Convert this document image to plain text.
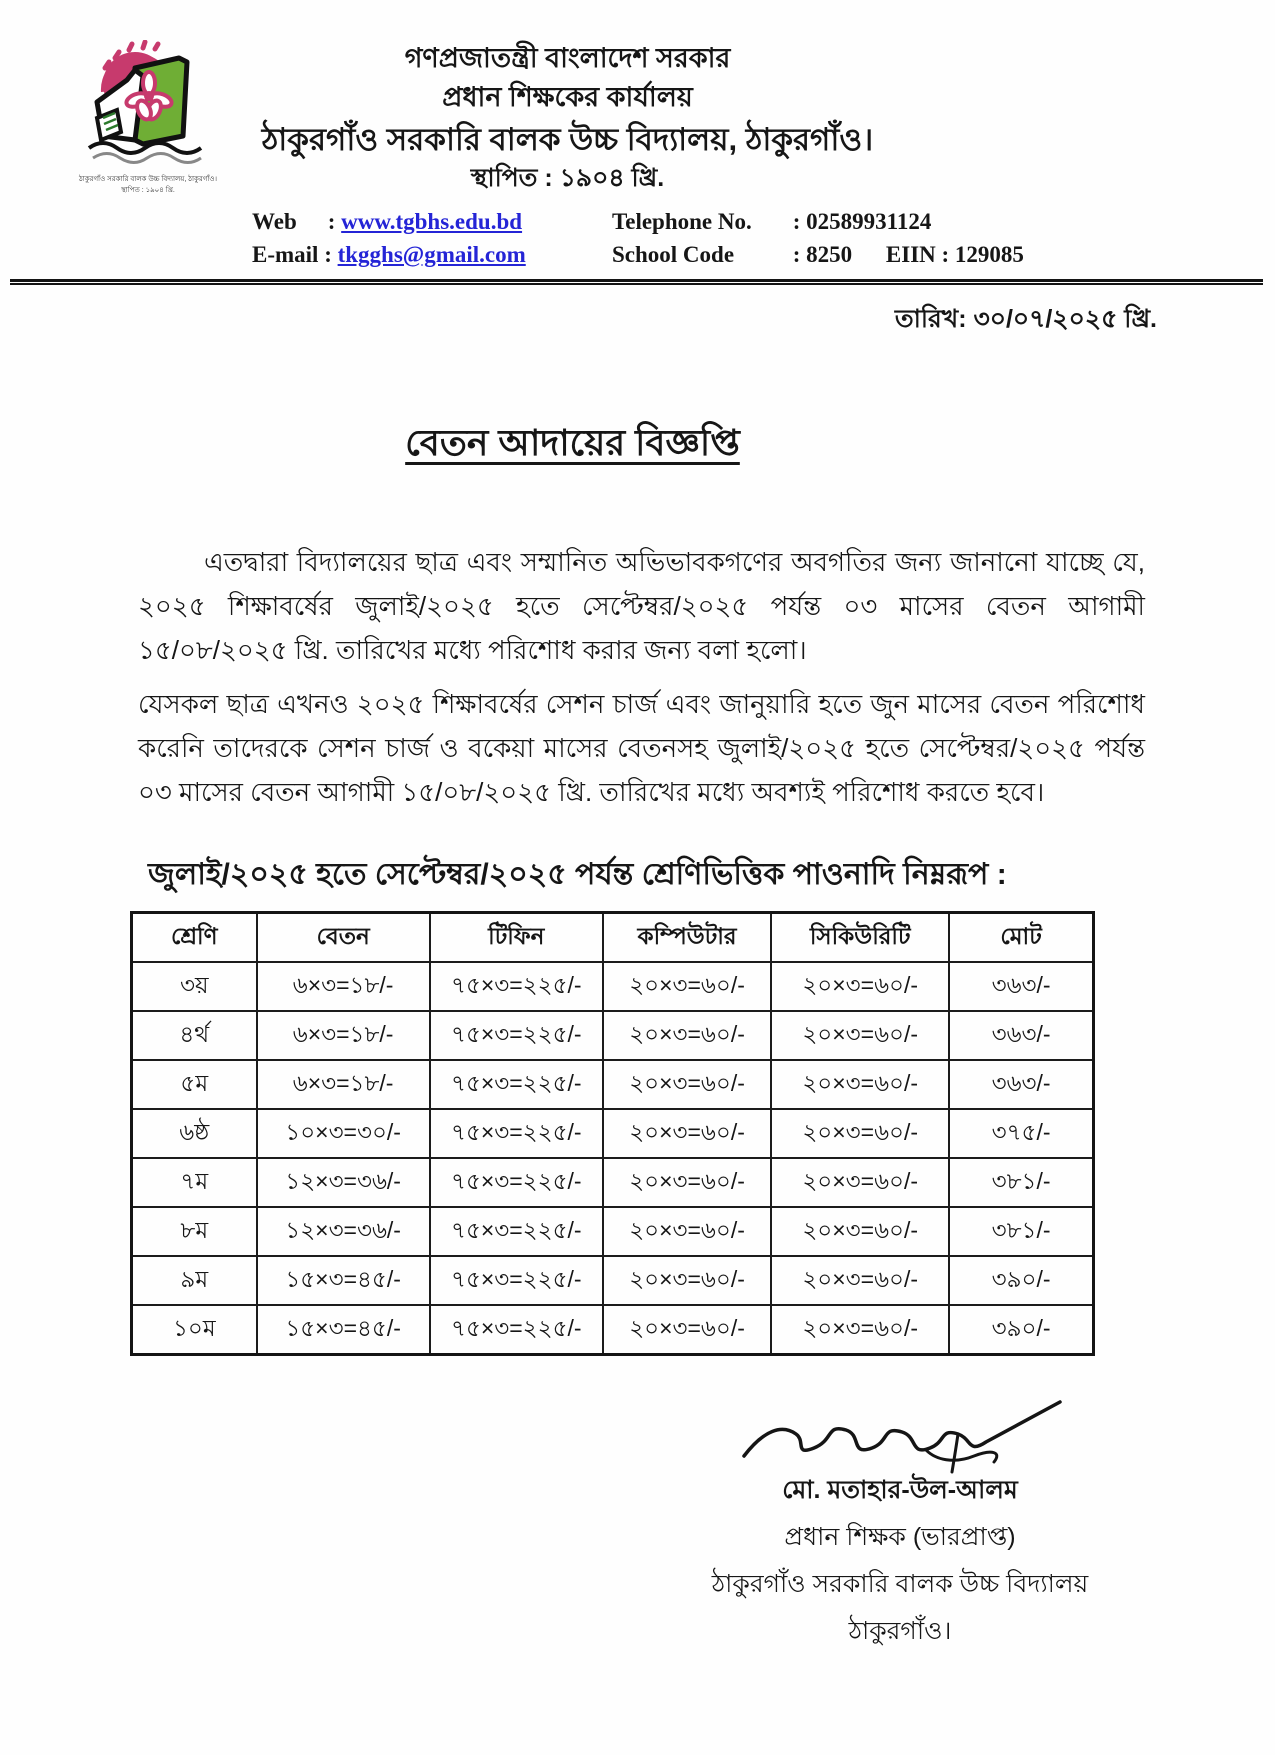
ঠাকুরগাঁও সরকারি বালক উচ্চ বিদ্যালয়, ঠাকুরগাঁও।
স্থাপিত : ১৯০৪ খ্রি.
গণপ্রজাতন্ত্রী বাংলাদেশ সরকার
প্রধান শিক্ষকের কার্যালয়
ঠাকুরগাঁও সরকারি বালক উচ্চ বিদ্যালয়, ঠাকুরগাঁও।
স্থাপিত : ১৯০৪ খ্রি.
Web : www.tgbhs.edu.bd
E-mail : tkgghs@gmail.com
Telephone No. : 02589931124
School Code	: 8250 EIIN : 129085
তারিখ: ৩০/০৭/২০২৫ খ্রি.
বেতন আদায়ের বিজ্ঞপ্তি

এতদ্বারা বিদ্যালয়ের ছাত্র এবং সম্মানিত অভিভাবকগণের অবগতির জন্য জানানো যাচ্ছে যে, ২০২৫ শিক্ষাবর্ষের জুলাই/২০২৫ হতে সেপ্টেম্বর/২০২৫ পর্যন্ত ০৩ মাসের বেতন আগামী ১৫/০৮/২০২৫ খ্রি. তারিখের মধ্যে পরিশোধ করার জন্য বলা হলো।

যেসকল ছাত্র এখনও ২০২৫ শিক্ষাবর্ষের সেশন চার্জ এবং জানুয়ারি হতে জুন মাসের বেতন পরিশোধ করেনি তাদেরকে সেশন চার্জ ও বকেয়া মাসের বেতনসহ জুলাই/২০২৫ হতে সেপ্টেম্বর/২০২৫ পর্যন্ত ০৩ মাসের বেতন আগামী ১৫/০৮/২০২৫ খ্রি. তারিখের মধ্যে অবশ্যই পরিশোধ করতে হবে।

জুলাই/২০২৫ হতে সেপ্টেম্বর/২০২৫ পর্যন্ত শ্রেণিভিত্তিক পাওনাদি নিম্নরূপ :
শ্রেণি	বেতন	টিফিন	কম্পিউটার	সিকিউরিটি	মোট
৩য়	৬×৩=১৮/-	৭৫×৩=২২৫/-	২০×৩=৬০/-	২০×৩=৬০/-	৩৬৩/-
৪র্থ	৬×৩=১৮/-	৭৫×৩=২২৫/-	২০×৩=৬০/-	২০×৩=৬০/-	৩৬৩/-
৫ম	৬×৩=১৮/-	৭৫×৩=২২৫/-	২০×৩=৬০/-	২০×৩=৬০/-	৩৬৩/-
৬ষ্ঠ	১০×৩=৩০/-	৭৫×৩=২২৫/-	২০×৩=৬০/-	২০×৩=৬০/-	৩৭৫/-
৭ম	১২×৩=৩৬/-	৭৫×৩=২২৫/-	২০×৩=৬০/-	২০×৩=৬০/-	৩৮১/-
৮ম	১২×৩=৩৬/-	৭৫×৩=২২৫/-	২০×৩=৬০/-	২০×৩=৬০/-	৩৮১/-
৯ম	১৫×৩=৪৫/-	৭৫×৩=২২৫/-	২০×৩=৬০/-	২০×৩=৬০/-	৩৯০/-
১০ম	১৫×৩=৪৫/-	৭৫×৩=২২৫/-	২০×৩=৬০/-	২০×৩=৬০/-	৩৯০/-
মো. মতাহার-উল-আলম
প্রধান শিক্ষক (ভারপ্রাপ্ত)
ঠাকুরগাঁও সরকারি বালক উচ্চ বিদ্যালয়
ঠাকুরগাঁও।
